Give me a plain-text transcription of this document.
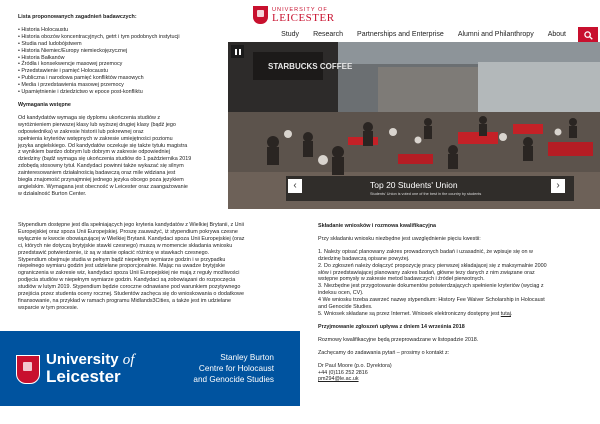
UNIVERSITY OF
LEICESTER
Study Research Partnerships and Enterprise Alumni and Philanthropy About
STARBUCKS COFFEE
Top 20 Students' Union
Students' Union is voted one of the best in the country by students
‹	›
Lista proponowanych zagadnień badawczych:
• Historia Holocaustu
• Historia obozów koncentracyjnych, getrt i tym podobnych instytucji
• Studia nad ludobójstwem
• Historia Niemiec/Europy niemieckojęzycznej
• Historia Bałkanów
• Źródła i konsekwencje masowej przemocy
• Przedstawienie i pamięć Holocaustu
• Publiczna i narodowa pamięć konfliktów masowych
• Media i przedstawienia masowej przemocy
• Upamiętnienie i dziedzictwo w epoce post-konfliktu
Wymagania wstępne
Od kandydatów wymaga się dyplomu ukończenia studiów z
wyróżnieniem pierwszej klasy lub wyższej drugiej klasy (bądź jego
odpowiednika) w zakresie historii lub pokrewnej oraz
spełnienia kryteriów wstępnych w zakresie umiejętności poziomu
języka angielskiego. Od kandydatów oczekuje się także tytułu magistra
z wynikiem bardzo dobrym lub dobrym w zakresie odpowiedniej
dziedziny (bądź wymaga się ukończenia studiów do 1 października 2019
zdobędą stosowny tytuł. Kandydaci powinni także wykazać się silnym
zainteresowaniem działalnością badawczą oraz mile widziana jest
biegła znajomość przynajmniej jednego języka obcego poza językiem
angielskim. Wymagana jest obecność w Leicester oraz zaangażowanie
w działalność Burton Center.
Stypendium dostępne jest dla spełniających jego kryteria kandydatów z Wielkiej Brytanii, z Unii
Europejskiej oraz spoza Unii Europejskiej. Proszę zauważyć, iż stypendium pokrywa czesne
wyłącznie w kwocie obowiązującej w Wielkiej Brytanii. Kandydaci spoza Unii Europejskiej (oraz
ci, których nie dotyczą brytyjskie stawki czesnego) muszą w momencie składania wniosku
przedstawić potwierdzenie, iż są w stanie opłacić różnicę w stawkach czesnego.
Stypendium obejmuje studia w pełnym bądź niepełnym wymiarze godzin i w przypadku
niepełnego wymiaru godzin jest udzielane proporcjonalnie. Mając na uwadze brytyjskie
ograniczenia w zakresie wiz, kandydaci spoza Unii Europejskiej nie mają z reguły możliwości
podjęcia studiów w niepełnym wymiarze godzin. Kandydaci są zobowiązani do rozpoczęcia
studiów w lutym 2019. Stypendium będzie coroczne odnawiane pod warunkiem pozytywnego
przejścia przez studenta oceny rocznej. Studentów zachęca się do wnioskowania o dodatkowe
finansowanie, na przykład w ramach programu Midlands3Cities, a także jest im udzielane
wsparcie w tym procesie.
Składanie wniosków i rozmowa kwalifikacyjna
Przy składaniu wniosku niezbędne jest uwzględnienie pięciu kwestii:
1. Należy opisać planowany zakres prowadzonych badań i uzasadnić, że wpisuje się on w
dziedzinę badawczą opisane powyżej.
2. Do zgłoszeń należy dołączyć propozycję pracy pierwszej składającej się z maksymalnie 2000
słów i przedstawiającej planowany zakres badań, główne tezy danych z nim związane oraz
wstępne pomysły w zakresie metod badawczych i źródeł pierwotnych.
3. Niezbędne jest przygotowanie dokumentów potwierdzających spełnienie kryteriów (wyciąg z
indeksu ocen, CV).
4 We wniosku trzeba zawrzeć nazwę stypendium: History Fee Waiver Scholarship in Holocaust
and Genocide Studies.
5. Wniosek składane są przez Internet. Wniosek elektroniczny dostępny jest tutaj.
Przyjmowanie zgłoszeń upływa z dniem 14 września 2018
Rozmowy kwalifikacyjne będą przeprowadzane w listopadzie 2018.
Zachęcamy do zadawania pytań – prosimy o kontakt z:
Dr Paul Moore (p.o. Dyrektora)
+44 (0)116 252 2816
pm294@le.ac.uk
University of
Leicester
Stanley Burton
Centre for Holocaust
and Genocide Studies
